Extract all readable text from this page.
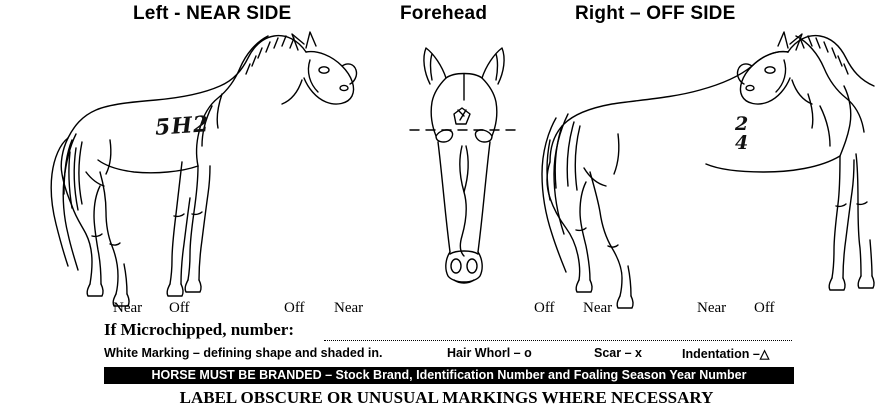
Left - NEAR SIDE	Forehead	Right – OFF SIDE
5H2	2
4
Near Off	Off Near	Off Near	Near Off
If Microchipped, number:
White Marking – defining shape and shaded in.	Hair Whorl – o	Scar – x	Indentation –△
HORSE MUST BE BRANDED – Stock Brand, Identification Number and Foaling Season Year Number
LABEL OBSCURE OR UNUSUAL MARKINGS WHERE NECESSARY
